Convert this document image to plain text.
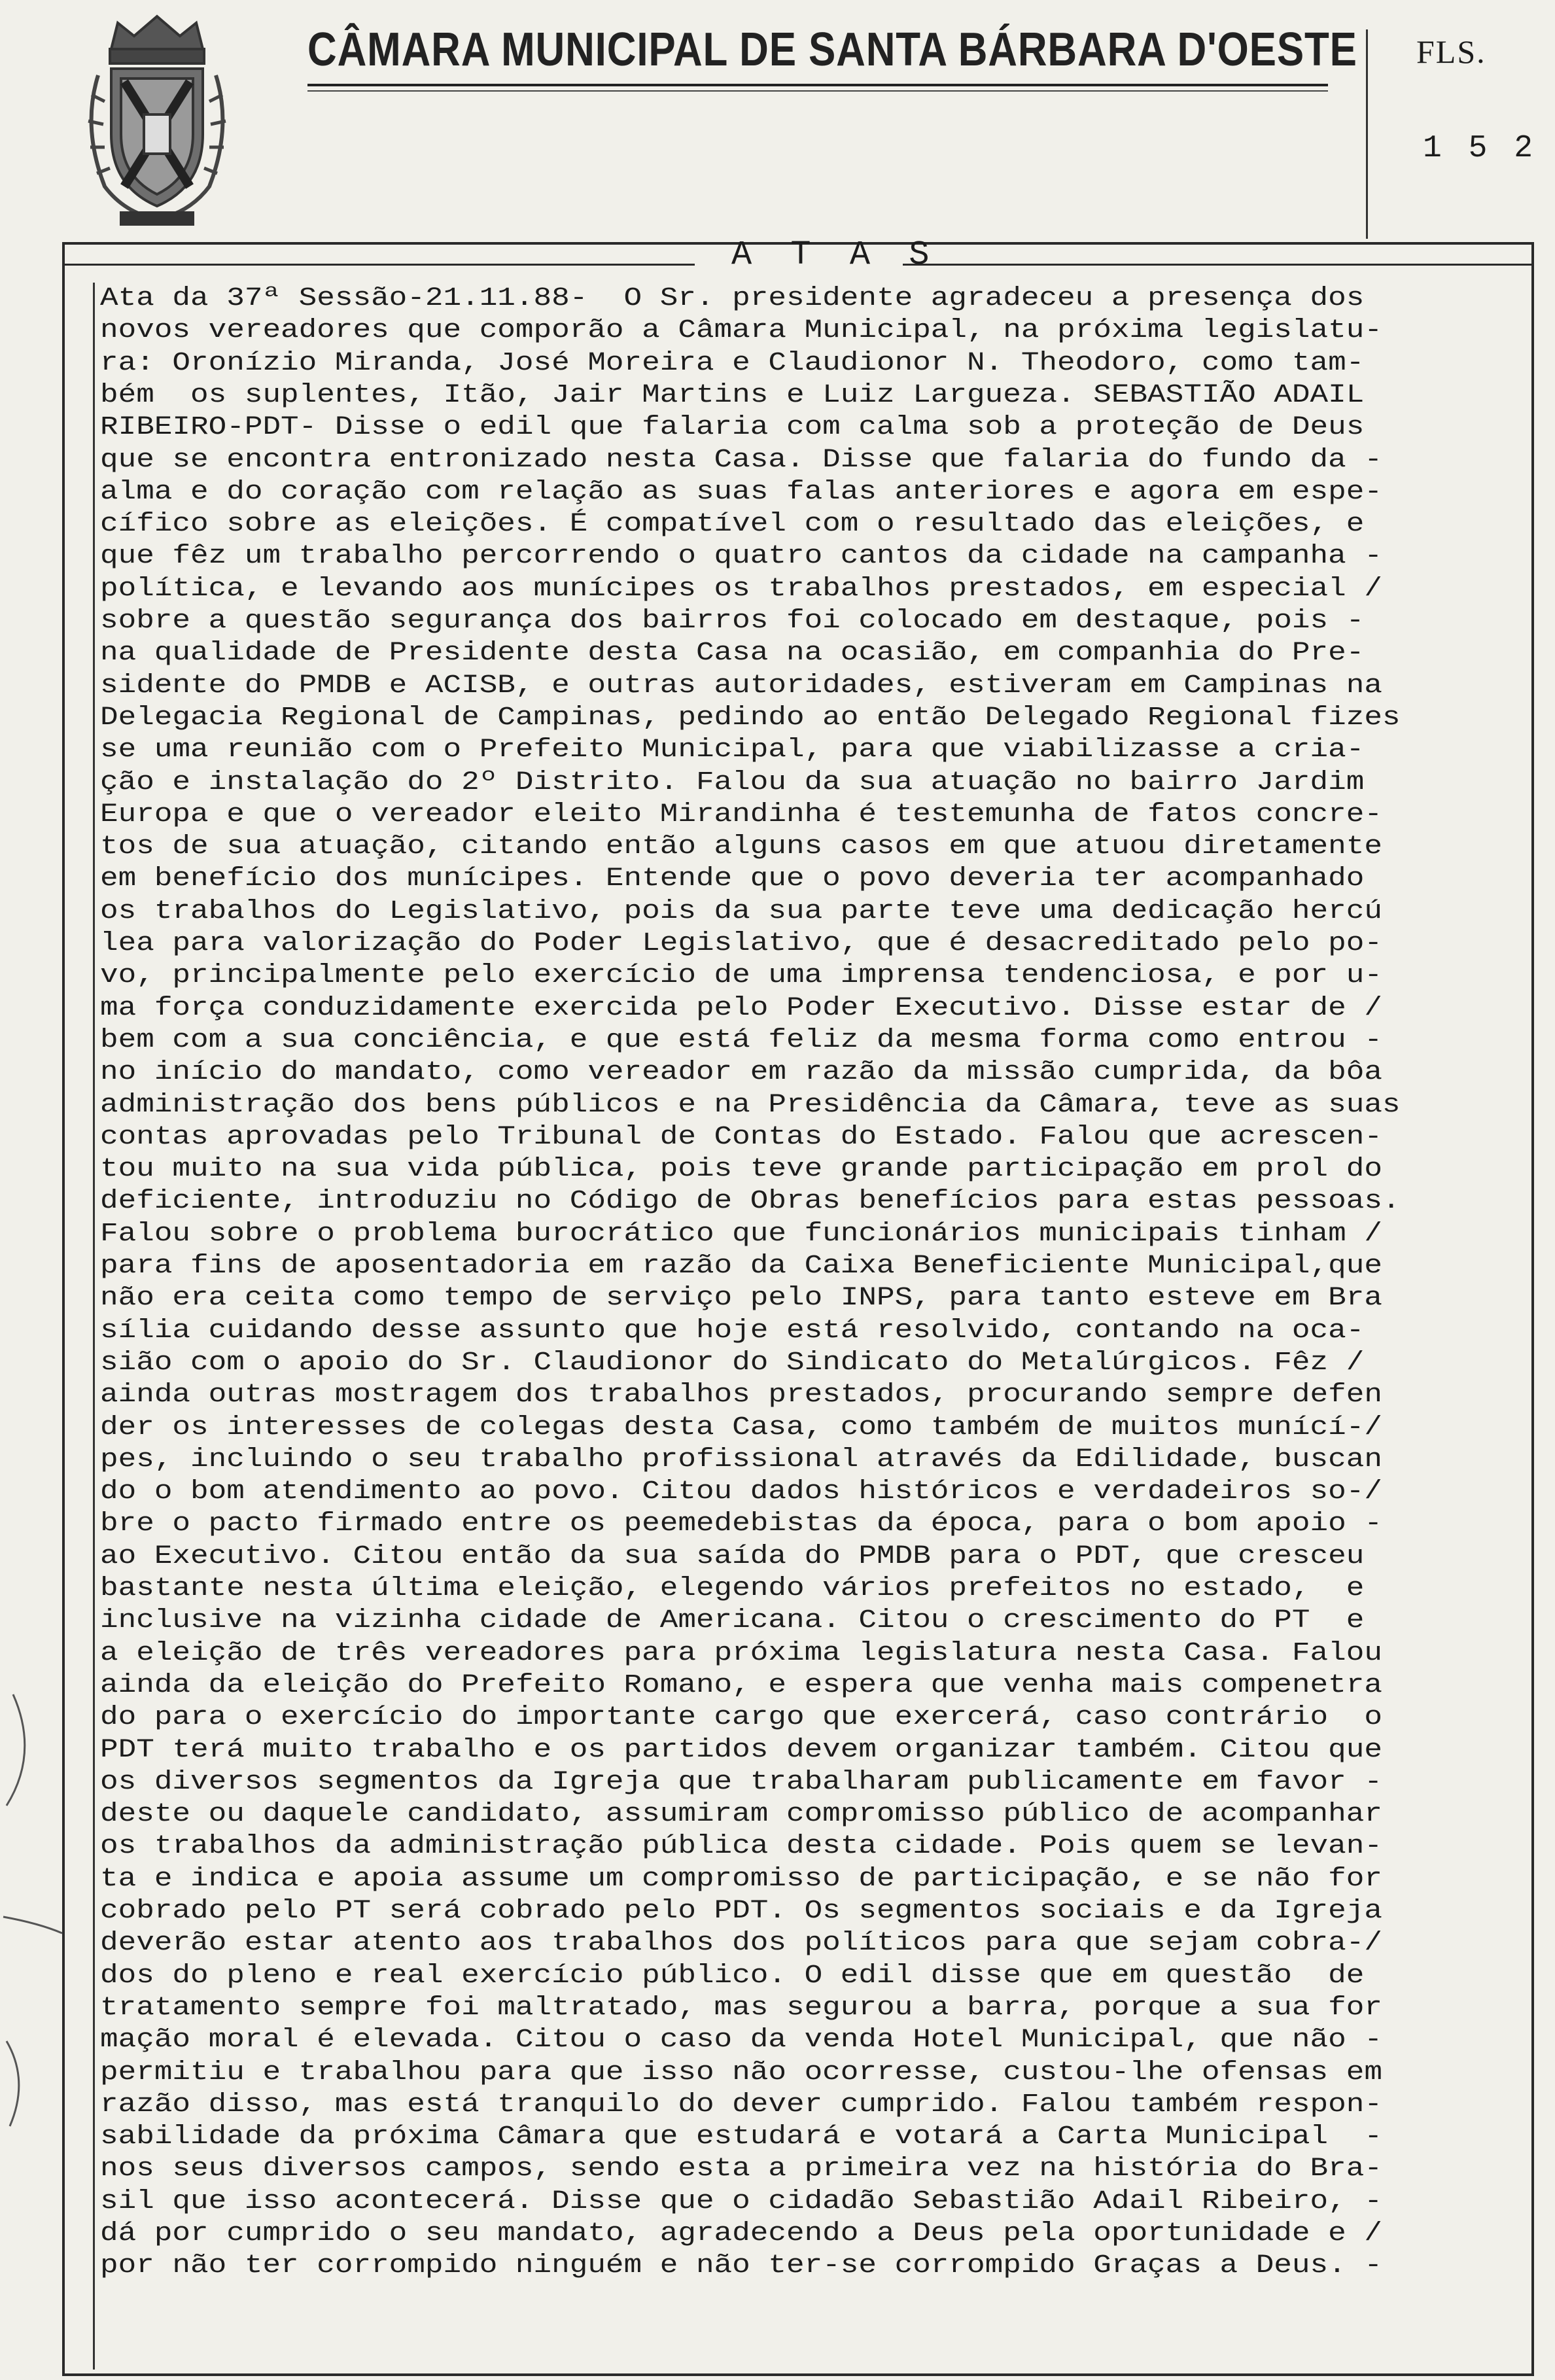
CÂMARA MUNICIPAL DE SANTA BÁRBARA D'OESTE FLS.
1 5 2
A T A S
Ata da 37ª Sessão-21.11.88-  O Sr. presidente agradeceu a presença dos
novos vereadores que comporão a Câmara Municipal, na próxima legislatu-
ra: Oronízio Miranda, José Moreira e Claudionor N. Theodoro, como tam-
bém  os suplentes, Itão, Jair Martins e Luiz Largueza. SEBASTIÃO ADAIL
RIBEIRO-PDT- Disse o edil que falaria com calma sob a proteção de Deus
que se encontra entronizado nesta Casa. Disse que falaria do fundo da -
alma e do coração com relação as suas falas anteriores e agora em espe-
cífico sobre as eleições. É compatível com o resultado das eleições, e
que fêz um trabalho percorrendo o quatro cantos da cidade na campanha -
política, e levando aos munícipes os trabalhos prestados, em especial /
sobre a questão segurança dos bairros foi colocado em destaque, pois -
na qualidade de Presidente desta Casa na ocasião, em companhia do Pre-
sidente do PMDB e ACISB, e outras autoridades, estiveram em Campinas na
Delegacia Regional de Campinas, pedindo ao então Delegado Regional fizes
se uma reunião com o Prefeito Municipal, para que viabilizasse a cria-
ção e instalação do 2º Distrito. Falou da sua atuação no bairro Jardim
Europa e que o vereador eleito Mirandinha é testemunha de fatos concre-
tos de sua atuação, citando então alguns casos em que atuou diretamente
em benefício dos munícipes. Entende que o povo deveria ter acompanhado
os trabalhos do Legislativo, pois da sua parte teve uma dedicação hercú
lea para valorização do Poder Legislativo, que é desacreditado pelo po-
vo, principalmente pelo exercício de uma imprensa tendenciosa, e por u-
ma força conduzidamente exercida pelo Poder Executivo. Disse estar de /
bem com a sua conciência, e que está feliz da mesma forma como entrou -
no início do mandato, como vereador em razão da missão cumprida, da bôa
administração dos bens públicos e na Presidência da Câmara, teve as suas
contas aprovadas pelo Tribunal de Contas do Estado. Falou que acrescen-
tou muito na sua vida pública, pois teve grande participação em prol do
deficiente, introduziu no Código de Obras benefícios para estas pessoas.
Falou sobre o problema burocrático que funcionários municipais tinham /
para fins de aposentadoria em razão da Caixa Beneficiente Municipal,que
não era ceita como tempo de serviço pelo INPS, para tanto esteve em Bra
sília cuidando desse assunto que hoje está resolvido, contando na oca-
sião com o apoio do Sr. Claudionor do Sindicato do Metalúrgicos. Fêz /
ainda outras mostragem dos trabalhos prestados, procurando sempre defen
der os interesses de colegas desta Casa, como também de muitos munící-/
pes, incluindo o seu trabalho profissional através da Edilidade, buscan
do o bom atendimento ao povo. Citou dados históricos e verdadeiros so-/
bre o pacto firmado entre os peemedebistas da época, para o bom apoio -
ao Executivo. Citou então da sua saída do PMDB para o PDT, que cresceu
bastante nesta última eleição, elegendo vários prefeitos no estado,  e
inclusive na vizinha cidade de Americana. Citou o crescimento do PT  e
a eleição de três vereadores para próxima legislatura nesta Casa. Falou
ainda da eleição do Prefeito Romano, e espera que venha mais compenetra
do para o exercício do importante cargo que exercerá, caso contrário  o
PDT terá muito trabalho e os partidos devem organizar também. Citou que
os diversos segmentos da Igreja que trabalharam publicamente em favor -
deste ou daquele candidato, assumiram compromisso público de acompanhar
os trabalhos da administração pública desta cidade. Pois quem se levan-
ta e indica e apoia assume um compromisso de participação, e se não for
cobrado pelo PT será cobrado pelo PDT. Os segmentos sociais e da Igreja
deverão estar atento aos trabalhos dos políticos para que sejam cobra-/
dos do pleno e real exercício público. O edil disse que em questão  de
tratamento sempre foi maltratado, mas segurou a barra, porque a sua for
mação moral é elevada. Citou o caso da venda Hotel Municipal, que não -
permitiu e trabalhou para que isso não ocorresse, custou-lhe ofensas em
razão disso, mas está tranquilo do dever cumprido. Falou também respon-
sabilidade da próxima Câmara que estudará e votará a Carta Municipal  -
nos seus diversos campos, sendo esta a primeira vez na história do Bra-
sil que isso acontecerá. Disse que o cidadão Sebastião Adail Ribeiro, -
dá por cumprido o seu mandato, agradecendo a Deus pela oportunidade e /
por não ter corrompido ninguém e não ter-se corrompido Graças a Deus. -
